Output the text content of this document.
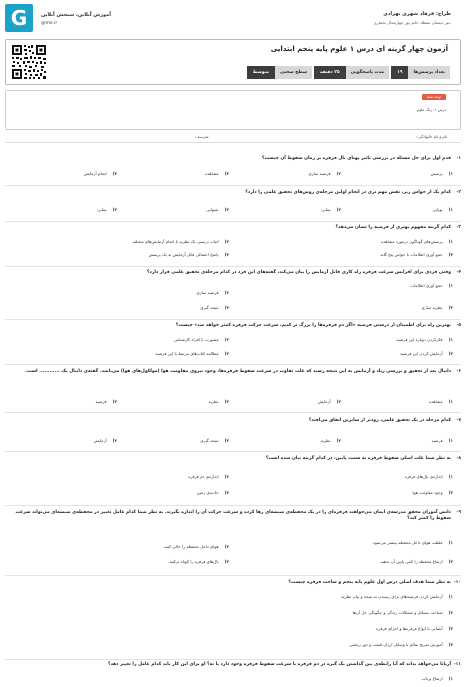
G	آموزش آنلاین، سنجش آنلاین
@me.ir
طراح: فرهاد شهری بهزادی
دبیر دبستان مقطاد خانم پور چهارمحال بختیاری
آزمون چهار گزینه ای درس ۱ علوم پایه پنجم ابتدایی
تعداد پرسش‌ها
۱۹
مدت پاسخگویی
۲۵ دقیقه
سطح سختی
متوسط
توجه شما
درس ۱: زنگ علوم
نام و نام خانوادگی :
مدرسه :
۱-
قدم اول برای حل مسئله در بررسی تاثیر پهنای بال فرفره بر زمان سقوط آن چیست؟
۱)پرسش
۲)فرضیه سازی
۳)مشاهده
۴)انجام آزمایش
۲-
کدام یک از حواس زیر، نقش مهم تری در انجام اولین مرحله‌ی روش‌های تحقیق علمی را دارد؟
۱)بویایی
۲)بینایی
۳)شنوایی
۴)بینایی
۳-
کدام گزینه مفهوم بهتری از فرضیه را نشان می‌دهد؟
۱)پرسش‌های گوناگون درمورد مشاهده
۲)اثبات درستی یک نظریه یا انجام آزمایش‌های مختلف
۳)جمع آوری اطلاعات با حواس پنج گانه
۴)پاسخ احتمالی قابل آزمایش به یک پرسش
۴-
وقتی فردی برای افزایش سرعت فرفره راه کاری قابل آزمایش را بیان می‌کند، گفته‌های این فرد در کدام مرحله‌ی تحقیق علمی قرار دارد؟
۱)جمع آوری اطلاعات
۲)فرضیه سازی
۳)نظریه سازی
۴)نتیجه گیری
۵-
بهترین راه برای اطمینان از درستی فرضیه «اگر دم فرفره‌ها را بزرگ تر کنیم، سرعت حرکت فرفره کمتر خواهد شد» چیست؟
۱)فکرکردن دوباره این فرضیه
۲)مشورت با افراد کارشناس
۳)آزمایش کردن این فرضیه
۴)مطالعه کتاب‌های مرتبط با این فرضیه
۶-
دانیال بعد از تحقیق و بررسی زیاد و آزمایش به این نتیجه رسید که علت تفاوت در سرعت سقوط فرفره‌ها، وجود نیروی مقاومت هوا (مولکول‌های هوا) می‌باشد. گفته‌ی دانیال یک ............ است.
۱)مشاهده
۲)آزمایش
۳)نظریه
۴)فرضیه
۷-
کدام مرحله در یک تحقیق علمی، زودتر از سایرین اتفاق می‌افتد؟
۱)فرضیه
۲)نظریه
۳)نتیجه گیری
۴)آزمایش
۸-
به نظر شما علت اصلی سقوط فرفره به سمت پایین، در کدام گزینه بیان شده است؟
۱)اندازه‌ی بال‌های فرفره
۲)اندازه‌ی دم فرفره
۳)وجود مقاومت هوا
۴)جاذبه‌ی زمین
۹-
دانش آموزان محقق مدرسه‌ی ایمان می‌خواهند فرفره‌ای را در یک محفظه‌ی شیشه‌ای رها کرده و سرعت حرکت آن را اندازه بگیرند. به نظر شما کدام عامل تغییر در محفظه‌ی شیشه‌ای می‌تواند سرعت سقوط را کمتر کند؟
۱)غلظت هوای داخل محفظه بیشتر می‌شود.
۲)هوای داخل محفظه را خالی کنند.
۳)ارتفاع محفظه را کمی پایین آن بدهند.
۴)بال‌های فرفره را کوتاه ترکنند.
۱۰-
به نظر شما هدف اصلی درس اول علوم پایه پنجم و ساخت فرفره چیست؟
۱)آزمایش کردن فرضیه‌های برای رسیدن به نتیجه و بیان نظریه
۲)شناخت مسائل و مشکلات زندگی و چگونگی حل آن‌ها
۳)آشنایی با انواع فرفره‌ها و اجزای فرفره
۴)آموزش تفریح سالم با وسایل ارزان قیمت و دور ریختنی
۱۱-
آریانا می‌خواهد بداند که آیا رابطه‌ی بین گذاشتن یک گیره در دم فرفره با سرعت سقوط فرفره وجود دارد یا نه؟ او برای این کار باید کدام عامل را تغییر دهد؟
۱)ارتفاع پرتاب
